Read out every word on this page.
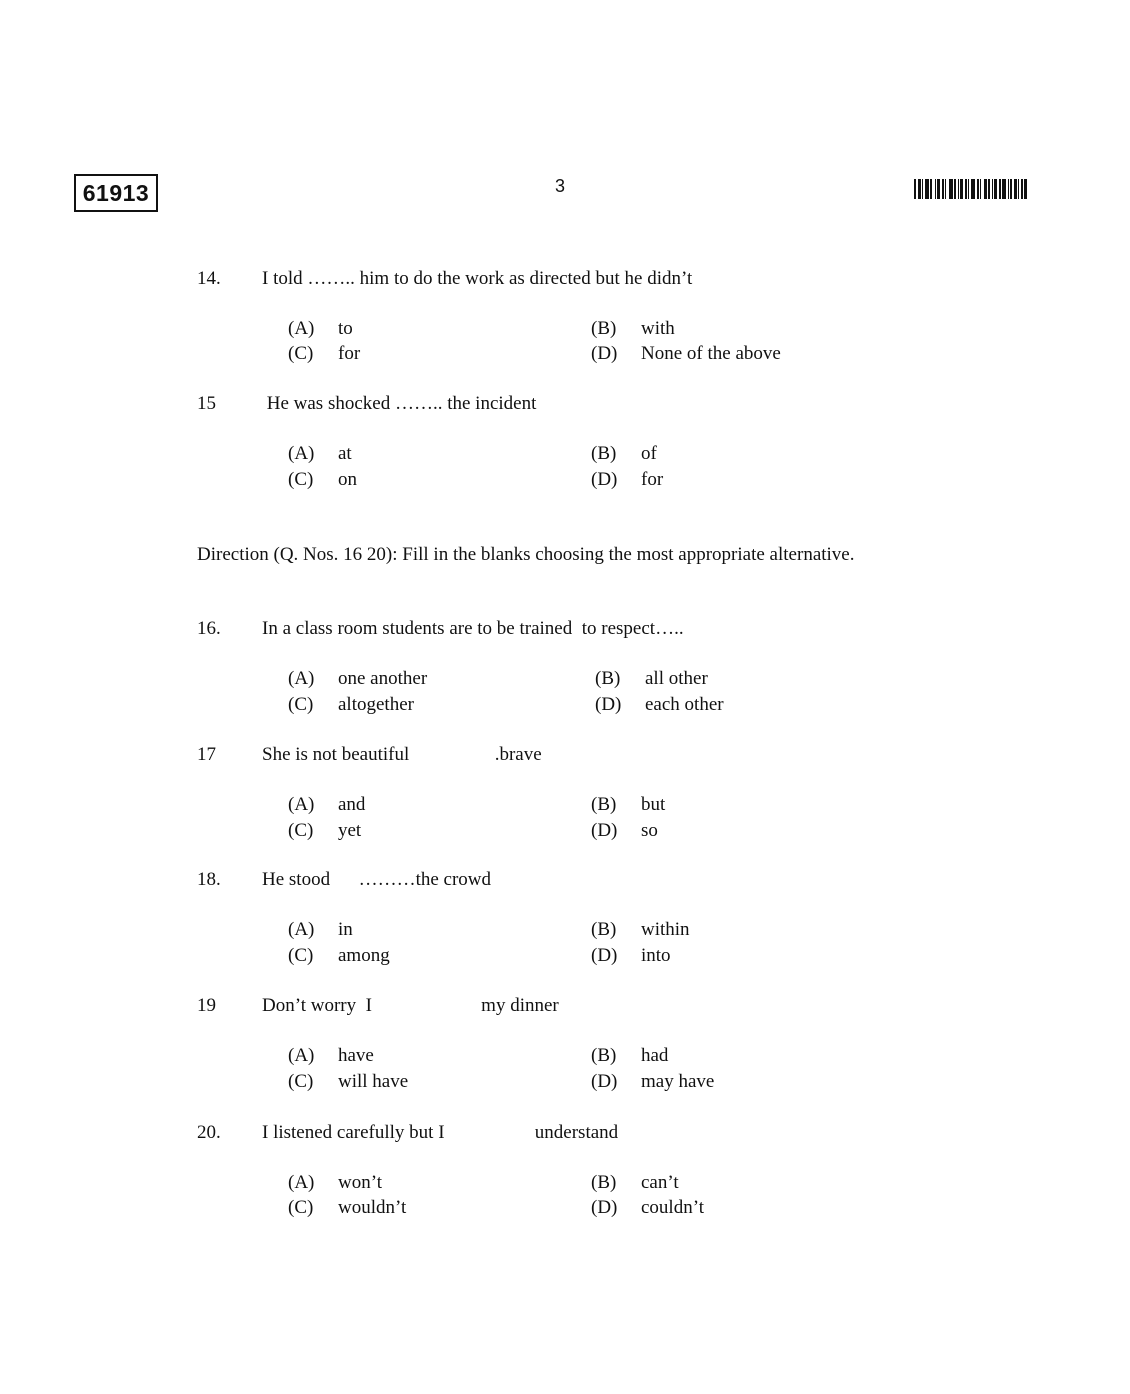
61913	3
14. I told …….. him to do the work as directed but he didn’t
(A) to	(B) with
(C) for	(D) None of the above
15 He was shocked …….. the incident
(A) at	(B) of
(C) on	(D) for
Direction (Q. Nos. 16 20): Fill in the blanks choosing the most appropriate alternative.
16. In a class room students are to be trained  to respect…..
(A) one another	(B) all other
(C) altogether	(D) each other
17 She is not beautiful                  .brave
(A) and	(B) but
(C) yet	(D) so
18. He stood      ………the crowd
(A) in	(B) within
(C) among	(D) into
19 Don’t worry  I                       my dinner
(A) have	(B) had
(C) will have	(D) may have
20. I listened carefully but I                   understand
(A) won’t	(B) can’t
(C) wouldn’t	(D) couldn’t
